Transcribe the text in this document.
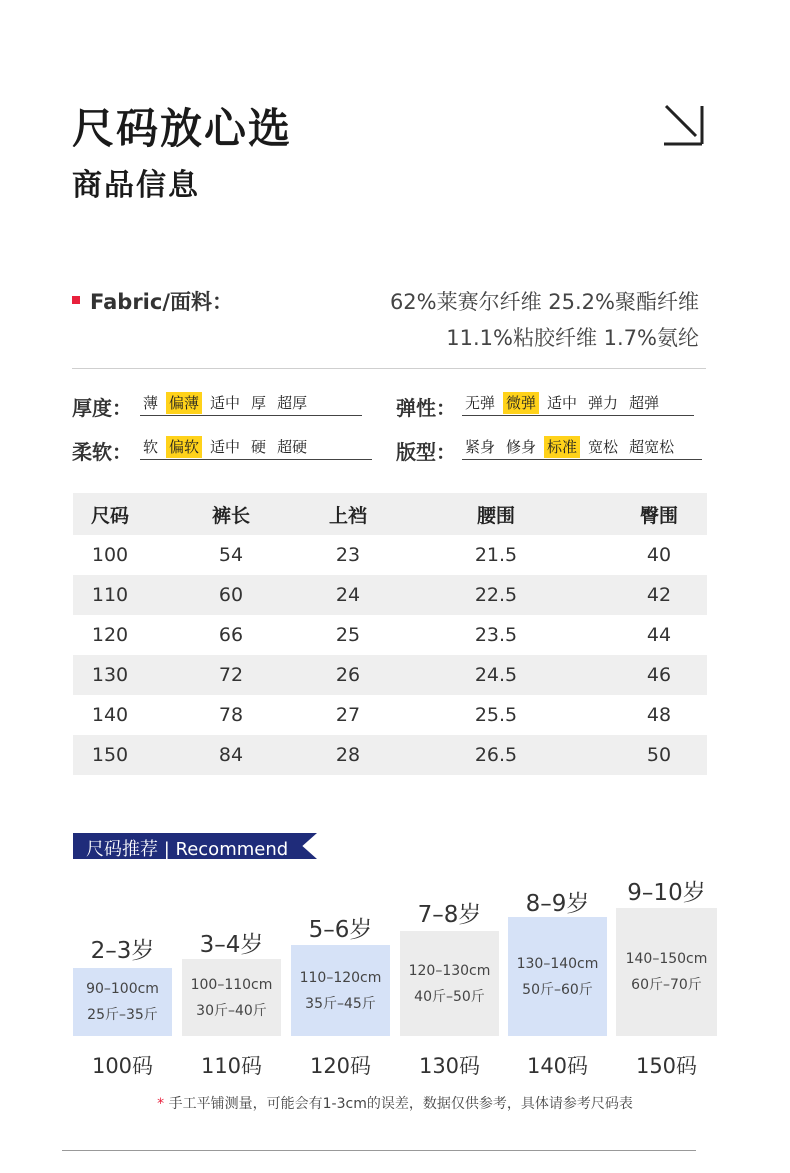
尺码放心选
商品信息
Fabric/面料：	62%莱赛尔纤维 25.2%聚酯纤维
11.1%粘胶纤维 1.7%氨纶
厚度： 薄 偏薄 适中 厚 超厚	弹性： 无弹 微弹 适中 弹力 超弹
柔软： 软 偏软 适中 硬 超硬	版型： 紧身 修身 标准 宽松 超宽松
尺码	裤长	上裆	腰围	臀围
100	54	23	21.5	40
110	60	24	22.5	42
120	66	25	23.5	44
130	72	26	24.5	46
140	78	27	25.5	48
150	84	28	26.5	50
尺码推荐 | Recommend
2–3岁
90–100cm
25斤–35斤
100码
3–4岁
100–110cm
30斤–40斤
110码
5–6岁
110–120cm
35斤–45斤
120码
7–8岁
120–130cm
40斤–50斤
130码
8–9岁
130–140cm
50斤–60斤
140码
9–10岁
140–150cm
60斤–70斤
150码
* 手工平铺测量，可能会有1-3cm的误差，数据仅供参考，具体请参考尺码表
